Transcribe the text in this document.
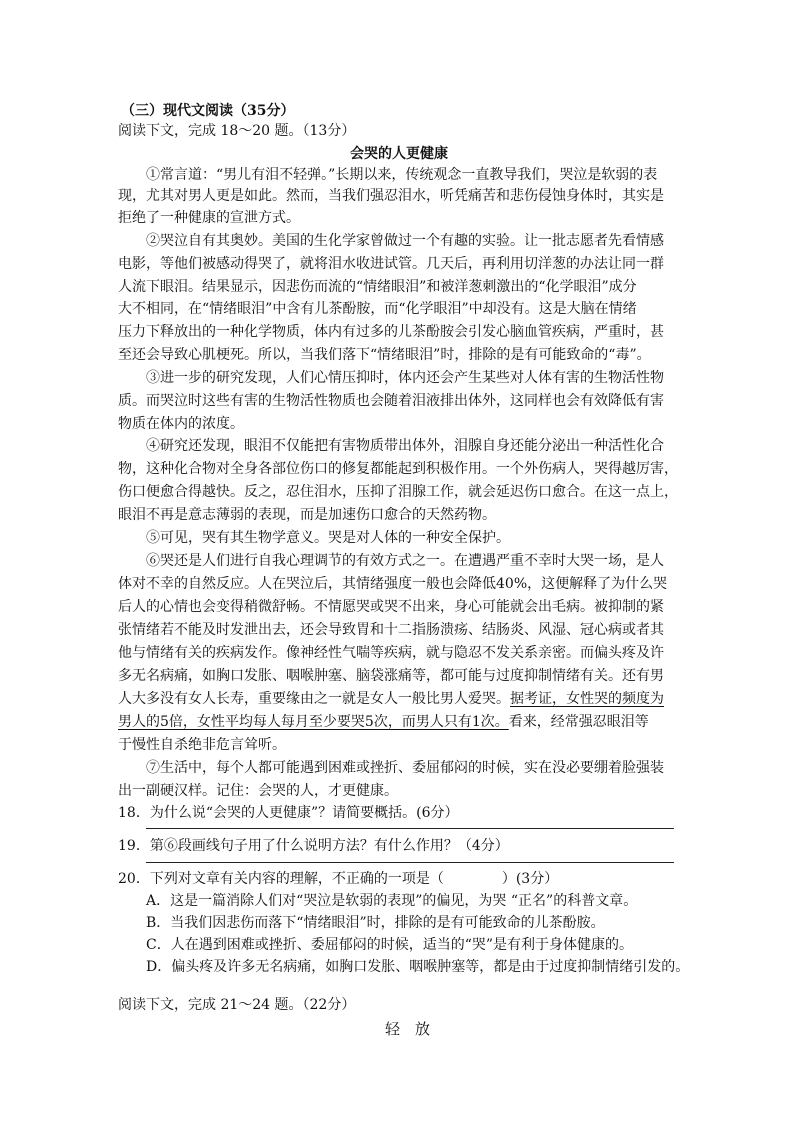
（三）现代文阅读（35分）
阅读下文，完成 18～20 题。（13分）
会哭的人更健康
①常言道：“男儿有泪不轻弹。”长期以来，传统观念一直教导我们，哭泣是软弱的表
现，尤其对男人更是如此。然而，当我们强忍泪水，听凭痛苦和悲伤侵蚀身体时，其实是
拒绝了一种健康的宣泄方式。
②哭泣自有其奥妙。美国的生化学家曾做过一个有趣的实验。让一批志愿者先看情感
电影，等他们被感动得哭了，就将泪水收进试管。几天后，再利用切洋葱的办法让同一群
人流下眼泪。结果显示，因悲伤而流的“情绪眼泪”和被洋葱刺激出的“化学眼泪”成分
大不相同，在“情绪眼泪”中含有儿茶酚胺，而“化学眼泪”中却没有。这是大脑在情绪
压力下释放出的一种化学物质，体内有过多的儿茶酚胺会引发心脑血管疾病，严重时，甚
至还会导致心肌梗死。所以，当我们落下“情绪眼泪”时，排除的是有可能致命的“毒”。
③进一步的研究发现，人们心情压抑时，体内还会产生某些对人体有害的生物活性物
质。而哭泣时这些有害的生物活性物质也会随着泪液排出体外，这同样也会有效降低有害
物质在体内的浓度。
④研究还发现，眼泪不仅能把有害物质带出体外，泪腺自身还能分泌出一种活性化合
物，这种化合物对全身各部位伤口的修复都能起到积极作用。一个外伤病人，哭得越厉害，
伤口便愈合得越快。反之，忍住泪水，压抑了泪腺工作，就会延迟伤口愈合。在这一点上，
眼泪不再是意志薄弱的表现，而是加速伤口愈合的天然药物。
⑤可见，哭有其生物学意义。哭是对人体的一种安全保护。
⑥哭还是人们进行自我心理调节的有效方式之一。在遭遇严重不幸时大哭一场，是人
体对不幸的自然反应。人在哭泣后，其情绪强度一般也会降低40%，这便解释了为什么哭
后人的心情也会变得稍微舒畅。不情愿哭或哭不出来，身心可能就会出毛病。被抑制的紧
张情绪若不能及时发泄出去，还会导致胃和十二指肠溃疡、结肠炎、风湿、冠心病或者其
他与情绪有关的疾病发作。像神经性气喘等疾病，就与隐忍不发关系亲密。而偏头疼及许
多无名病痛，如胸口发胀、咽喉肿塞、脑袋涨痛等，都可能与过度抑制情绪有关。还有男
人大多没有女人长寿，重要缘由之一就是女人一般比男人爱哭。据考证，女性哭的频度为
男人的5倍，女性平均每人每月至少要哭5次，而男人只有1次。看来，经常强忍眼泪等
于慢性自杀绝非危言耸听。
⑦生活中，每个人都可能遇到困难或挫折、委屈郁闷的时候，实在没必要绷着脸强装
出一副硬汉样。记住：会哭的人，才更健康。
18．为什么说“会哭的人更健康”？请简要概括。(6分）
19．第⑥段画线句子用了什么说明方法？有什么作用？（4分）
20．下列对文章有关内容的理解，不正确的一项是（	）(3分）
A．这是一篇消除人们对“哭泣是软弱的表现”的偏见，为哭 “正名”的科普文章。
B．当我们因悲伤而落下“情绪眼泪”时，排除的是有可能致命的儿茶酚胺。
C．人在遇到困难或挫折、委屈郁闷的时候，适当的“哭”是有利于身体健康的。
D．偏头疼及许多无名病痛，如胸口发胀、咽喉肿塞等，都是由于过度抑制情绪引发的。
阅读下文，完成 21～24 题。（22分）
轻　放
